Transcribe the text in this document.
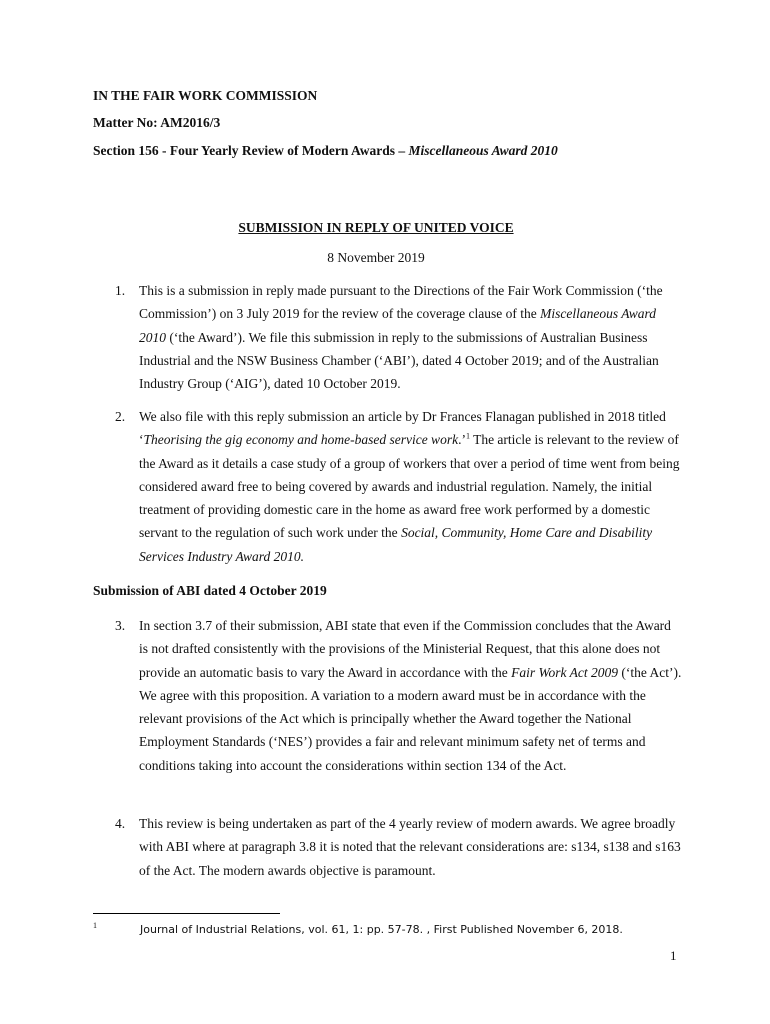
IN THE FAIR WORK COMMISSION

Matter No: AM2016/3

Section 156 - Four Yearly Review of Modern Awards – Miscellaneous Award 2010

SUBMISSION IN REPLY OF UNITED VOICE

8 November 2019

1. This is a submission in reply made pursuant to the Directions of the Fair Work Commission (‘the Commission’) on 3 July 2019 for the review of the coverage clause of the Miscellaneous Award 2010 (‘the Award’). We file this submission in reply to the submissions of Australian Business Industrial and the NSW Business Chamber (‘ABI’), dated 4 October 2019; and of the Australian Industry Group (‘AIG’), dated 10 October 2019.
2. We also file with this reply submission an article by Dr Frances Flanagan published in 2018 titled ‘Theorising the gig economy and home-based service work.’$^1$ The article is relevant to the review of the Award as it details a case study of a group of workers that over a period of time went from being considered award free to being covered by awards and industrial regulation. Namely, the initial treatment of providing domestic care in the home as award free work performed by a domestic servant to the regulation of such work under the Social, Community, Home Care and Disability Services Industry Award 2010.

Submission of ABI dated 4 October 2019

3. In section 3.7 of their submission, ABI state that even if the Commission concludes that the Award is not drafted consistently with the provisions of the Ministerial Request, that this alone does not provide an automatic basis to vary the Award in accordance with the Fair Work Act 2009 (‘the Act’). We agree with this proposition. A variation to a modern award must be in accordance with the relevant provisions of the Act which is principally whether the Award together the National Employment Standards (‘NES’) provides a fair and relevant minimum safety net of terms and conditions taking into account the considerations within section 134 of the Act.
4. This review is being undertaken as part of the 4 yearly review of modern awards. We agree broadly with ABI where at paragraph 3.8 it is noted that the relevant considerations are: s134, s138 and s163 of the Act. The modern awards objective is paramount.
1	Journal of Industrial Relations, vol. 61, 1: pp. 57-78. , First Published November 6, 2018.
1
